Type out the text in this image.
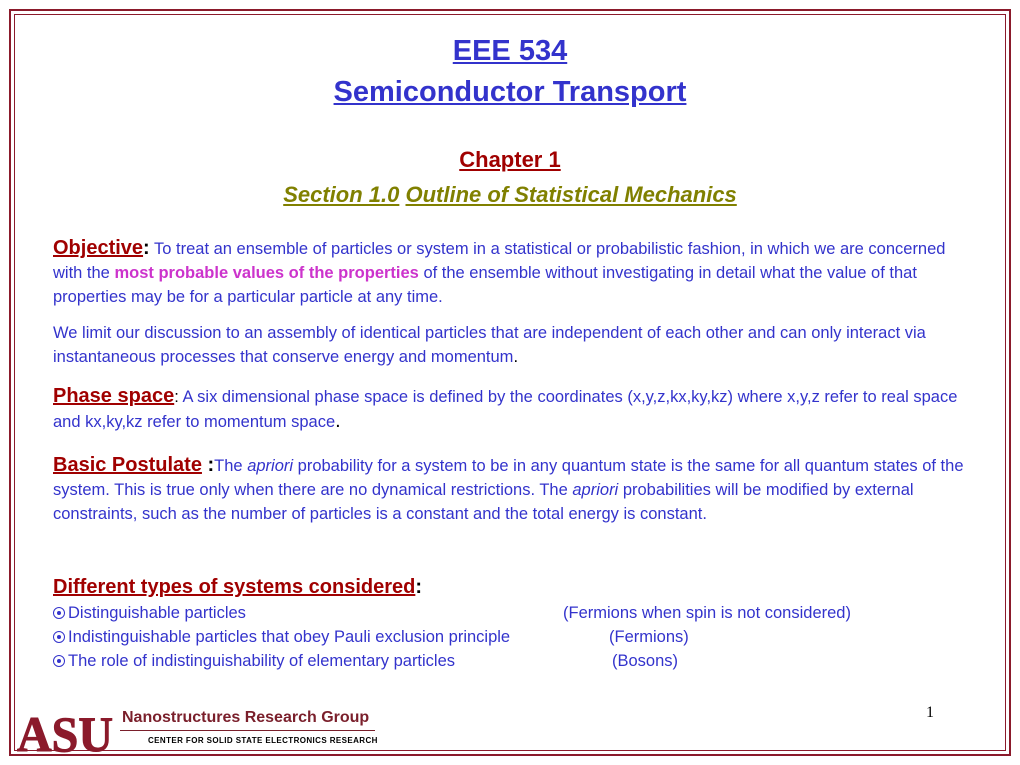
EEE 534
Semiconductor Transport
Chapter 1
Section 1.0 Outline of Statistical Mechanics
Objective: To treat an ensemble of particles or system in a statistical or probabilistic fashion, in which we are concerned with the most probable values of the properties of the ensemble without investigating in detail what the value of that properties may be for a particular particle at any time.
We limit our discussion to an assembly of identical particles that are independent of each other and can only interact via instantaneous processes that conserve energy and momentum.
Phase space: A six dimensional phase space is defined by the coordinates (x,y,z,kx,ky,kz) where x,y,z refer to real space and kx,ky,kz refer to momentum space.
Basic Postulate :The apriori probability for a system to be in any quantum state is the same for all quantum states of the system. This is true only when there are no dynamical restrictions. The apriori probabilities will be modified by external constraints, such as the number of particles is a constant and the total energy is constant.
Different types of systems considered:
Distinguishable particles	(Fermions when spin is not considered)
Indistinguishable particles that obey Pauli exclusion principle	(Fermions)
The role of indistinguishability of elementary particles	(Bosons)
1
ASU Nanostructures Research Group
CENTER FOR SOLID STATE ELECTRONICS RESEARCH
